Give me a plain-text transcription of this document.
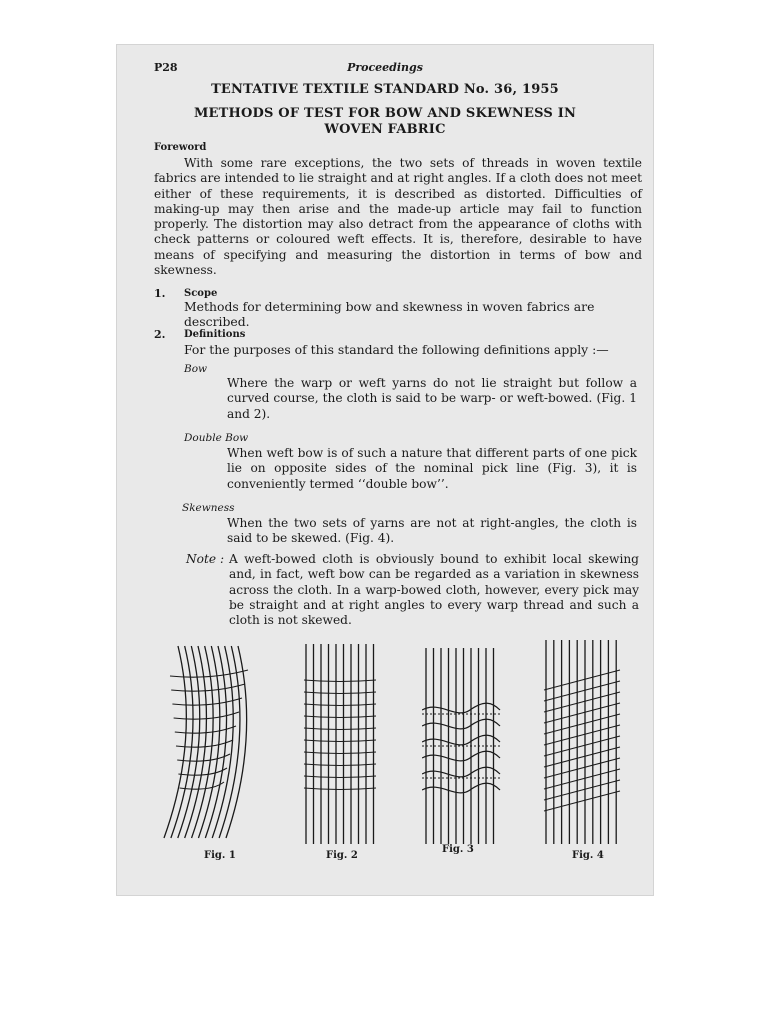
P28	Proceedings
TENTATIVE TEXTILE STANDARD No. 36, 1955
METHODS OF TEST FOR BOW AND SKEWNESS IN
WOVEN FABRIC
Foreword
With some rare exceptions, the two sets of threads in woven textile fabrics are intended to lie straight and at right angles. If a cloth does not meet either of these requirements, it is described as distorted. Difficulties of making-up may then arise and the made-up article may fail to function properly. The distortion may also detract from the appearance of cloths with check patterns or coloured weft effects. It is, therefore, desirable to have means of specifying and measuring the distortion in terms of bow and skewness.
1. Scope
Methods for determining bow and skewness in woven fabrics are described.
2. Definitions
For the purposes of this standard the following definitions apply :—
Bow
Where the warp or weft yarns do not lie straight but follow a curved course, the cloth is said to be warp- or weft-bowed. (Fig. 1 and 2).
Double Bow
When weft bow is of such a nature that different parts of one pick lie on opposite sides of the nominal pick line (Fig. 3), it is conveniently termed ‘‘double bow’’.
Skewness
When the two sets of yarns are not at right-angles, the cloth is said to be skewed. (Fig. 4).
Note : A weft-bowed cloth is obviously bound to exhibit local skewing and, in fact, weft bow can be regarded as a variation in skewness across the cloth. In a warp-bowed cloth, however, every pick may be straight and at right angles to every warp thread and such a cloth is not skewed.
Fig. 1	Fig. 2
Fig. 3
Fig. 4
